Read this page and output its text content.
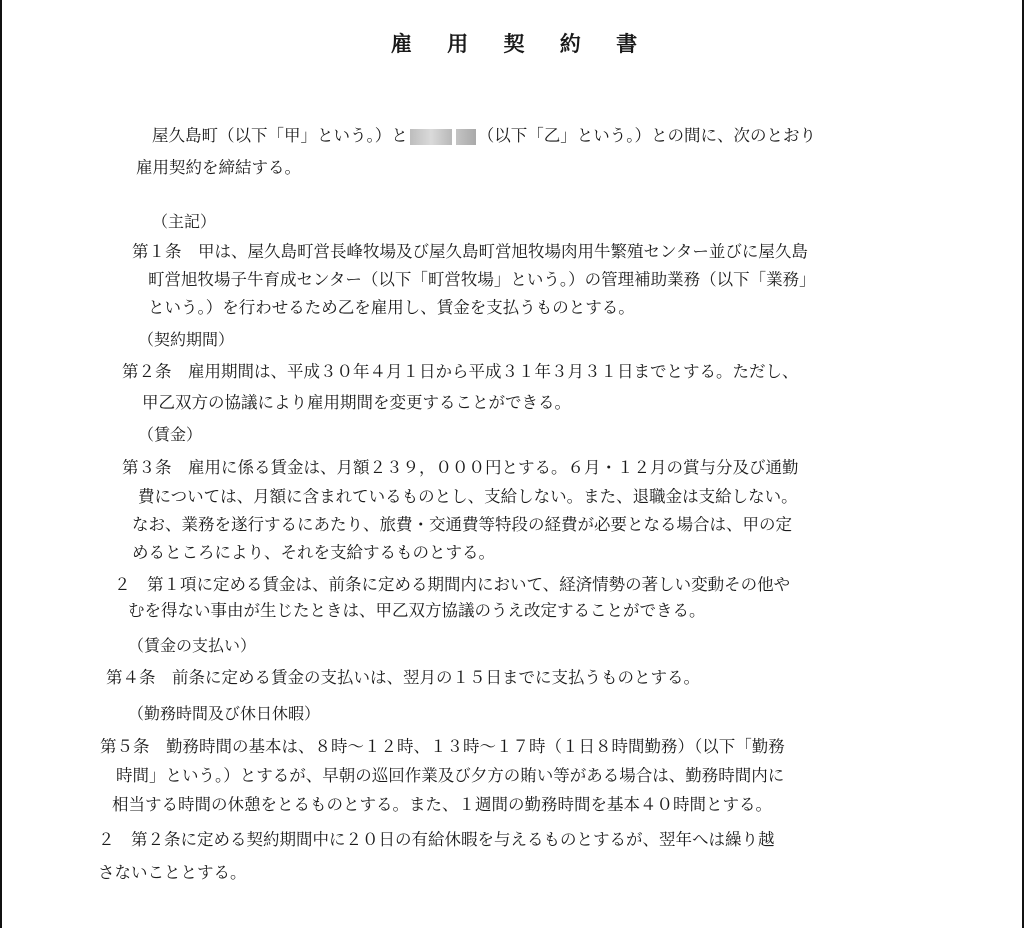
雇 用 契 約 書
屋久島町（以下「甲」という。）と	（以下「乙」という。）との間に、次のとおり
雇用契約を締結する。
（主記）
第１条　甲は、屋久島町営長峰牧場及び屋久島町営旭牧場肉用牛繁殖センター並びに屋久島
町営旭牧場子牛育成センター（以下「町営牧場」という。）の管理補助業務（以下「業務」
という。）を行わせるため乙を雇用し、賃金を支払うものとする。
（契約期間）
第２条　雇用期間は、平成３０年４月１日から平成３１年３月３１日までとする。ただし、
甲乙双方の協議により雇用期間を変更することができる。
（賃金）
第３条　雇用に係る賃金は、月額２３９，０００円とする。６月・１２月の賞与分及び通勤
費については、月額に含まれているものとし、支給しない。また、退職金は支給しない。
なお、業務を遂行するにあたり、旅費・交通費等特段の経費が必要となる場合は、甲の定
めるところにより、それを支給するものとする。
２　第１項に定める賃金は、前条に定める期間内において、経済情勢の著しい変動その他や
むを得ない事由が生じたときは、甲乙双方協議のうえ改定することができる。
（賃金の支払い）
第４条　前条に定める賃金の支払いは、翌月の１５日までに支払うものとする。
（勤務時間及び休日休暇）
第５条　勤務時間の基本は、８時～１２時、１３時～１７時（１日８時間勤務）（以下「勤務
時間」という。）とするが、早朝の巡回作業及び夕方の賄い等がある場合は、勤務時間内に
相当する時間の休憩をとるものとする。また、１週間の勤務時間を基本４０時間とする。
２　第２条に定める契約期間中に２０日の有給休暇を与えるものとするが、翌年へは繰り越
さないこととする。
